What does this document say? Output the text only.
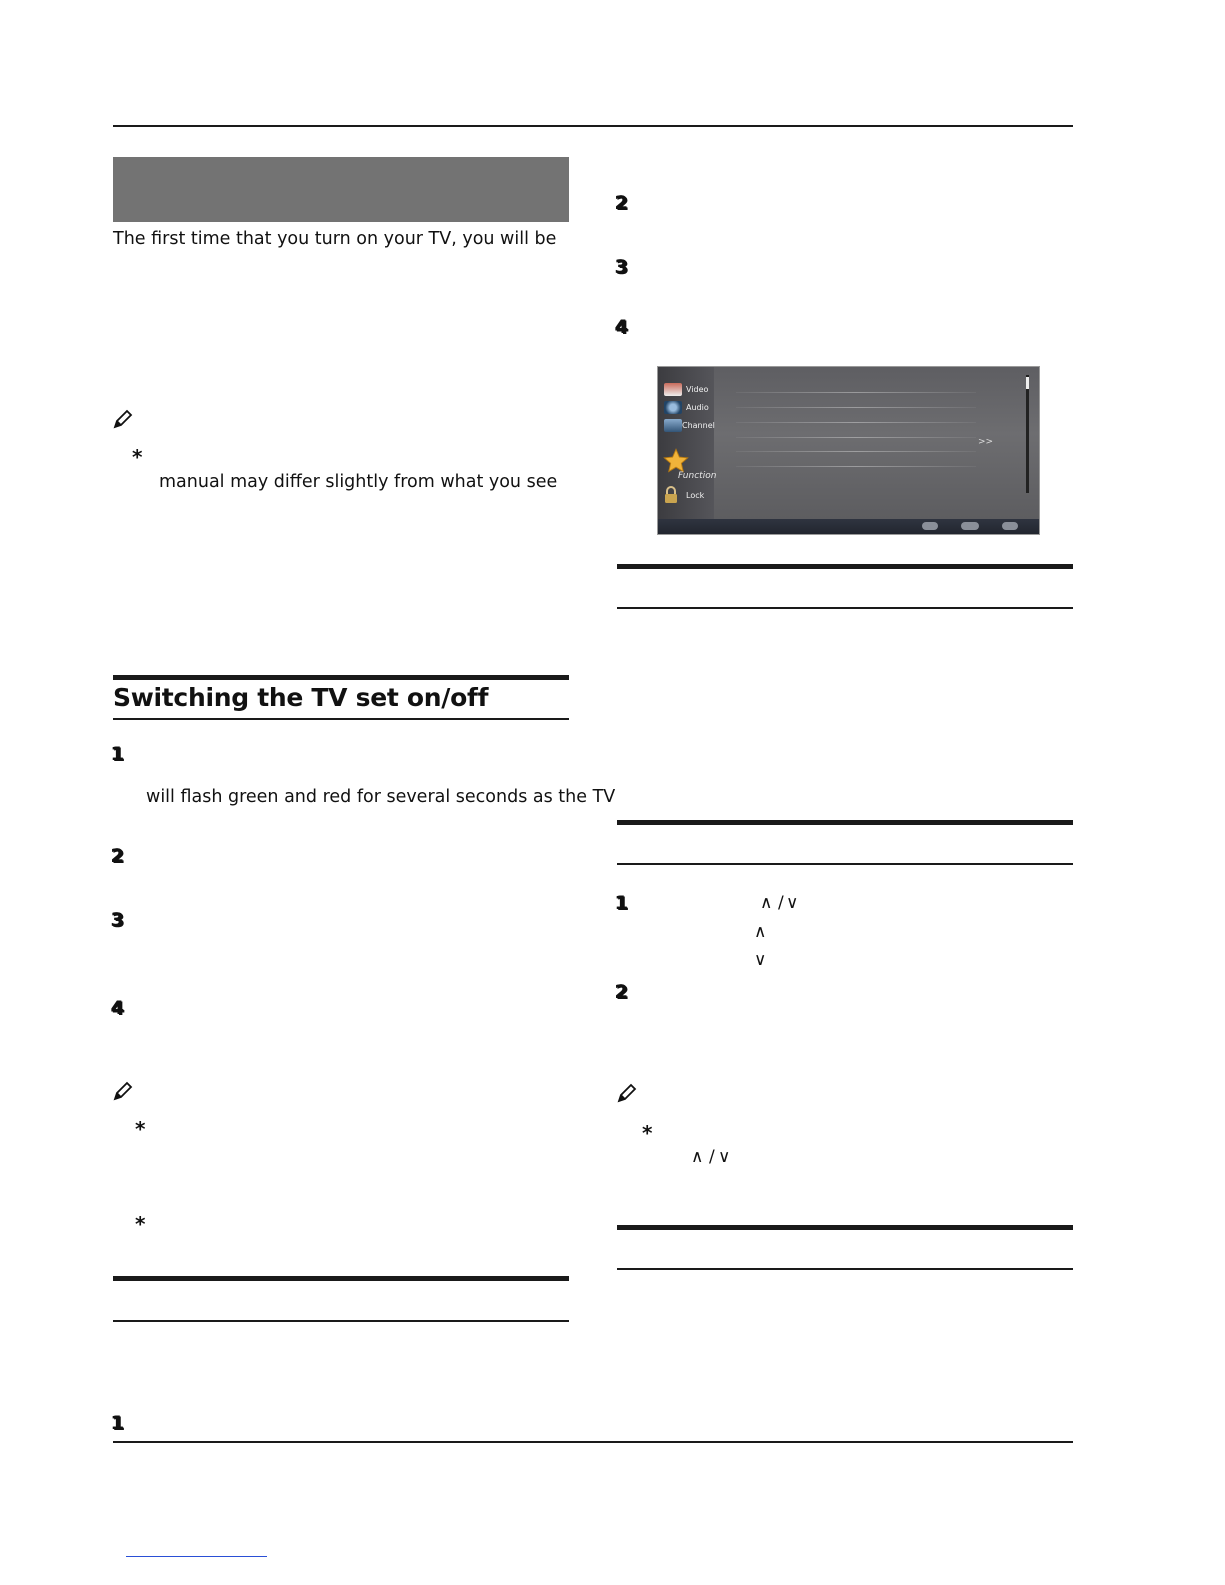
The first time that you turn on your TV, you will be
*
manual may differ slightly from what you see
Switching the TV set on/off
1
will flash green and red for several seconds as the TV
2
3
4
*
*
1
2
3
4
Video
Audio
Channel
Function
Lock
>>
1	∧ / ∨
∧
∨
2
*
∧ / ∨
